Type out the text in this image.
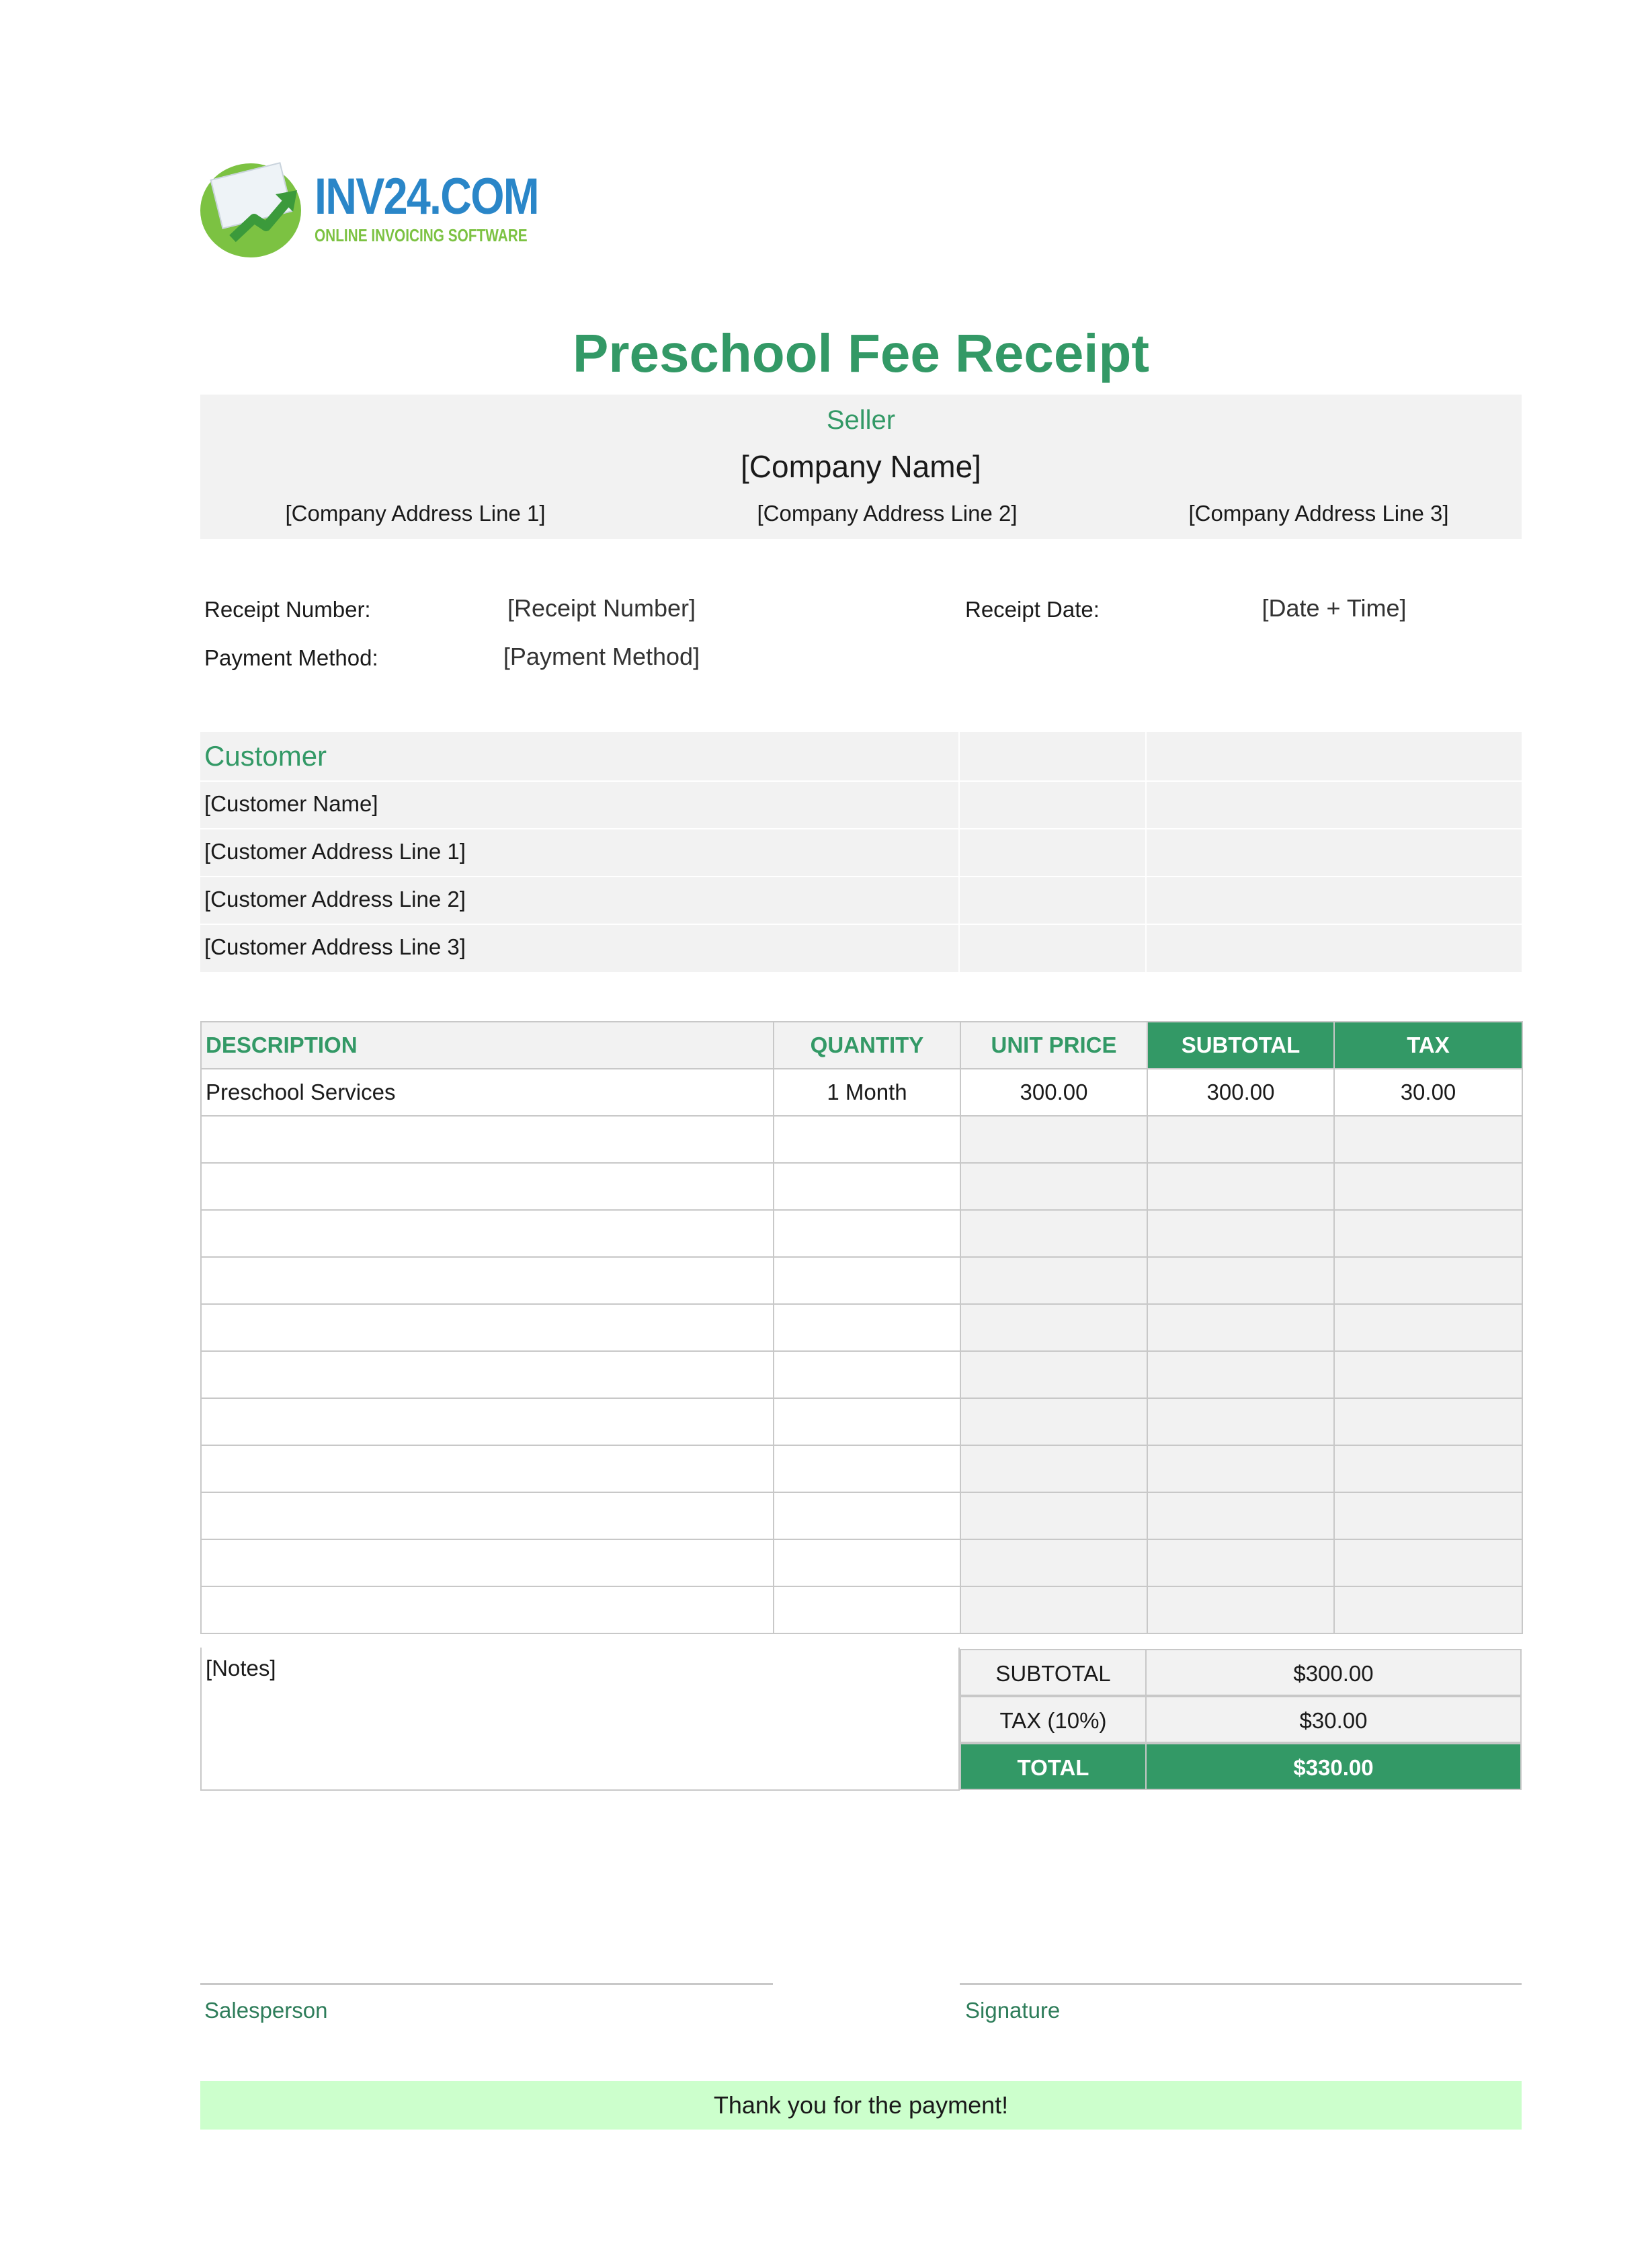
INV24.COM
ONLINE INVOICING SOFTWARE
Preschool Fee Receipt
Seller
[Company Name]
[Company Address Line 1]	[Company Address Line 2]	[Company Address Line 3]
Receipt Number:	[Receipt Number]	Receipt Date:	[Date + Time]
Payment Method:	[Payment Method]
Customer
[Customer Name]
[Customer Address Line 1]
[Customer Address Line 2]
[Customer Address Line 3]
DESCRIPTION	QUANTITY	UNIT PRICE	SUBTOTAL	TAX
Preschool Services	1 Month	300.00	300.00	30.00

[Notes]	SUBTOTAL	$300.00
TAX (10%)	$30.00
TOTAL	$330.00
Salesperson	Signature
Thank you for the payment!
